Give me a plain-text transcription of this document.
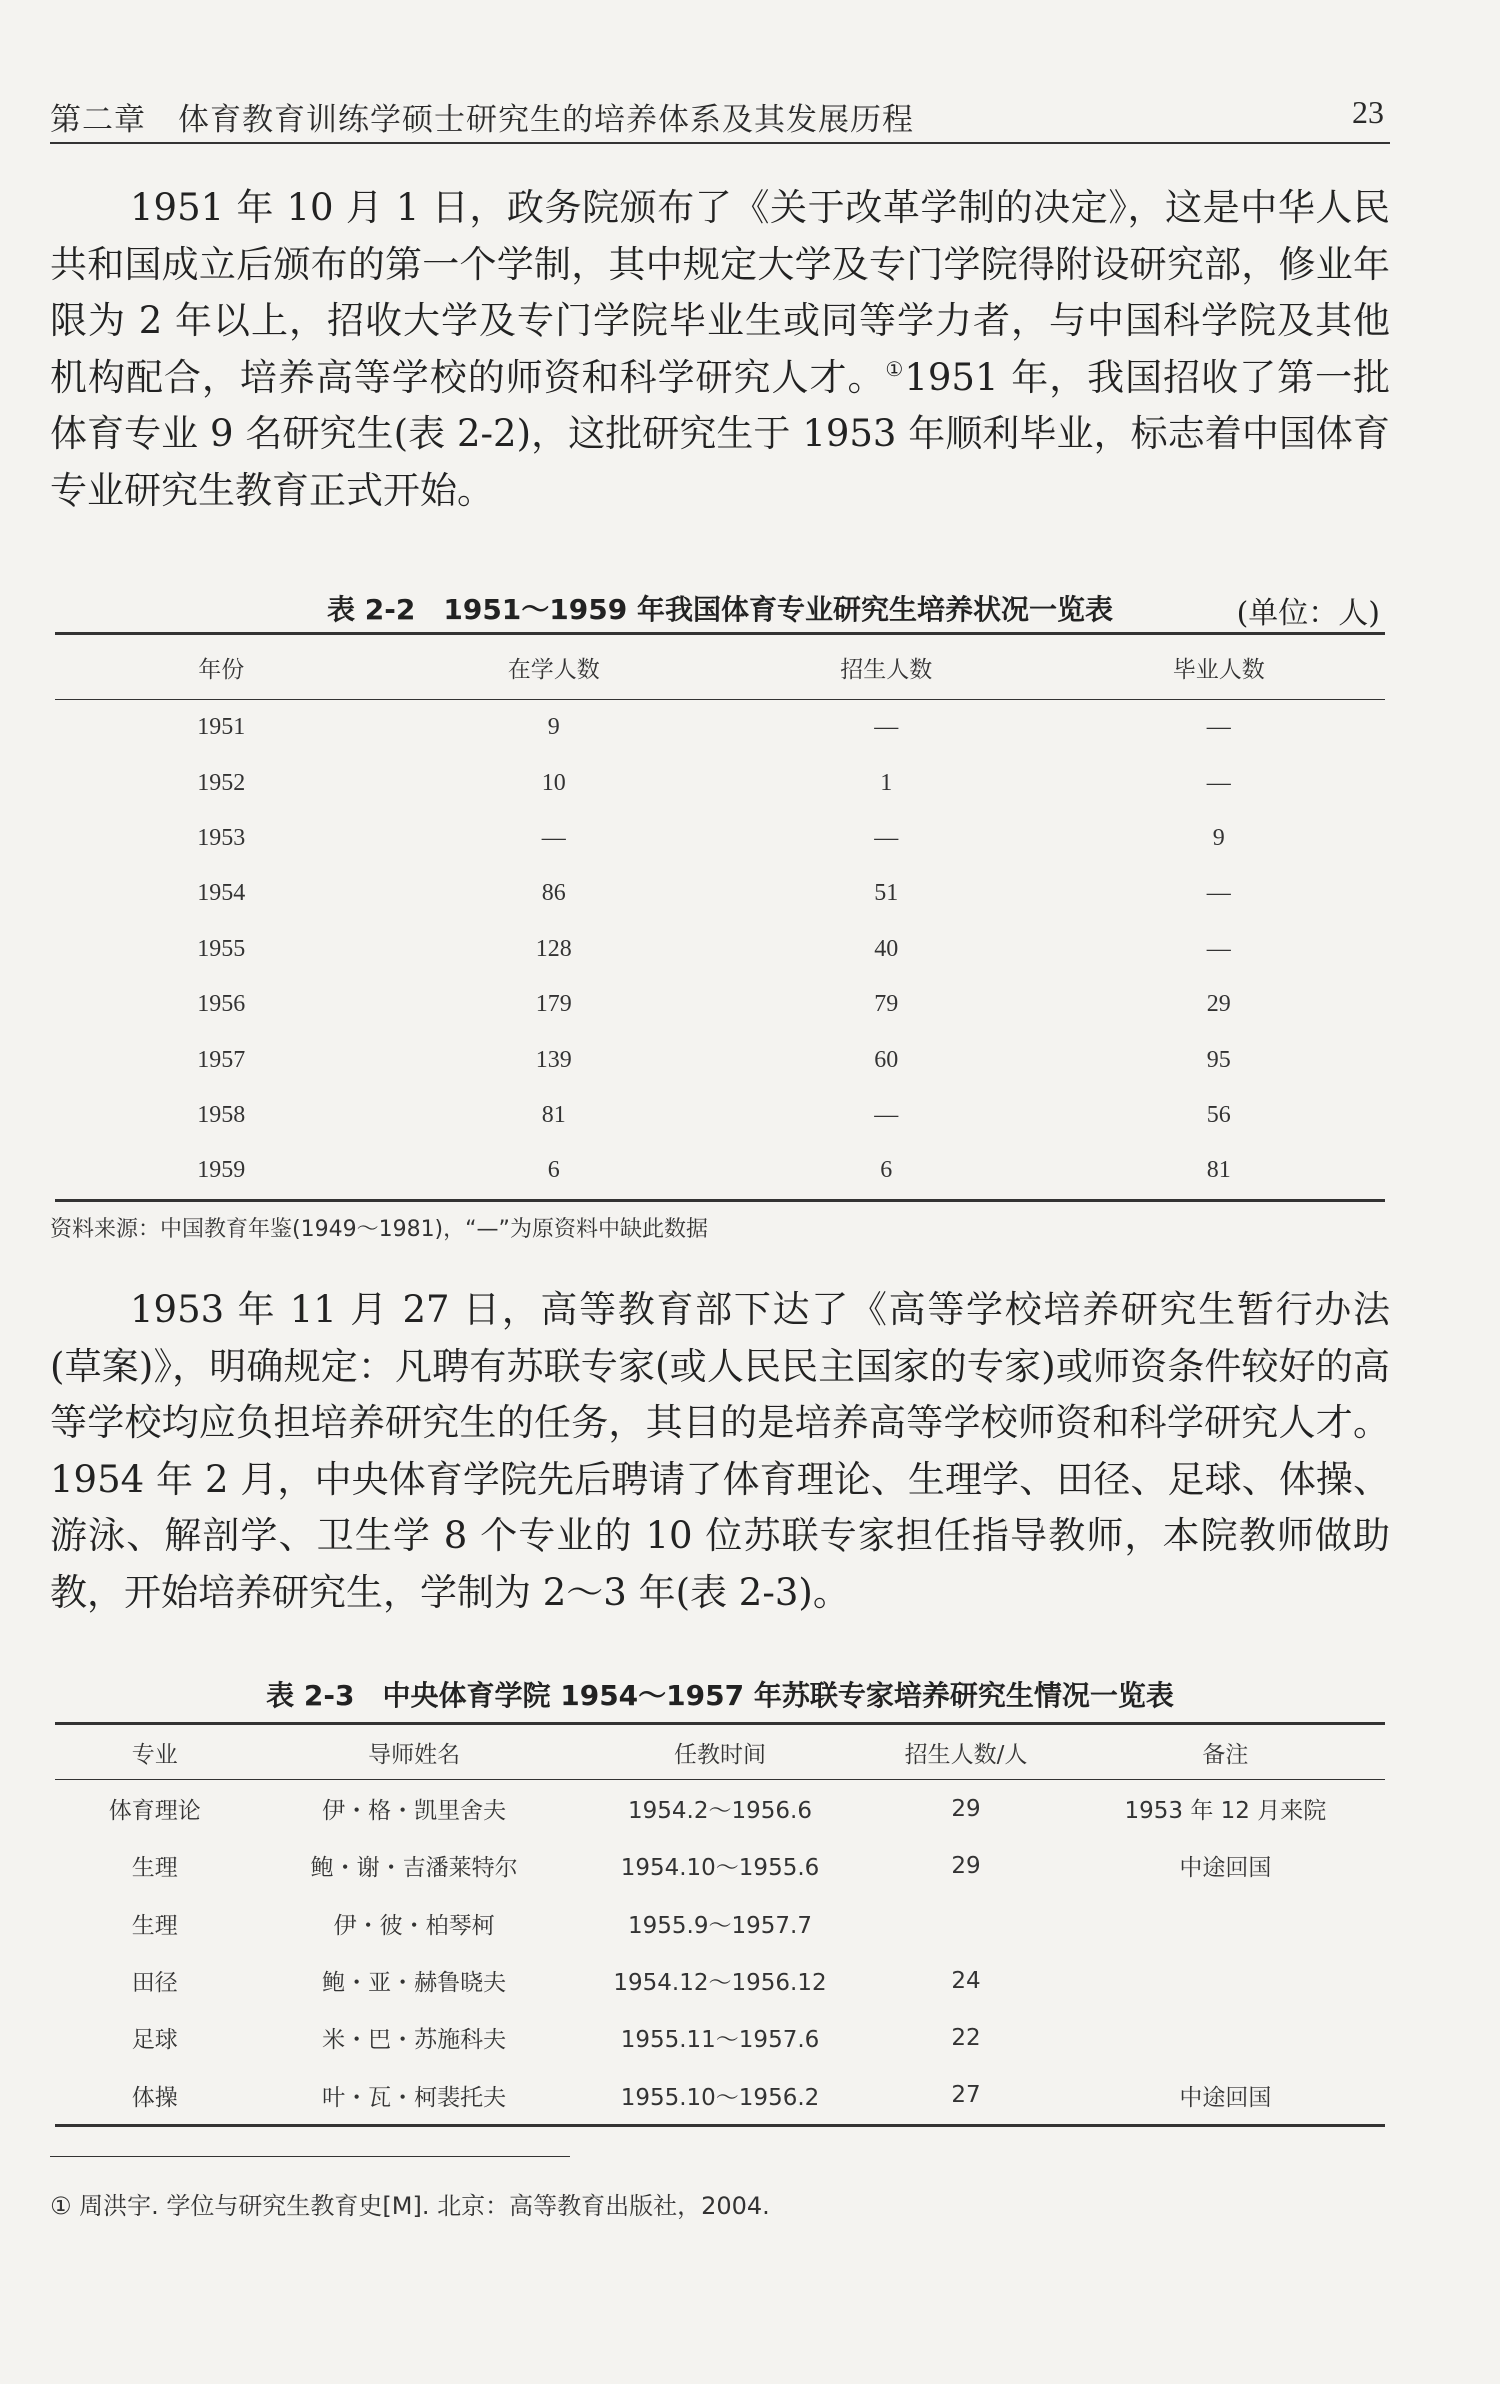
第二章　体育教育训练学硕士研究生的培养体系及其发展历程	23

1951 年 10 月 1 日，政务院颁布了《关于改革学制的决定》，这是中华人民共和国成立后颁布的第一个学制，其中规定大学及专门学院得附设研究部，修业年限为 2 年以上，招收大学及专门学院毕业生或同等学力者，与中国科学院及其他机构配合，培养高等学校的师资和科学研究人才。①1951 年，我国招收了第一批体育专业 9 名研究生(表 2-2)，这批研究生于 1953 年顺利毕业，标志着中国体育专业研究生教育正式开始。

表 2-2　1951～1959 年我国体育专业研究生培养状况一览表	(单位：人)
年份	在学人数	招生人数	毕业人数
1951	9	—	—
1952	10	1	—
1953	—	—	9
1954	86	51	—
1955	128	40	—
1956	179	79	29
1957	139	60	95
1958	81	—	56
1959	6	6	81
资料来源：中国教育年鉴(1949～1981)，“—”为原资料中缺此数据

1953 年 11 月 27 日，高等教育部下达了《高等学校培养研究生暂行办法(草案)》，明确规定：凡聘有苏联专家(或人民民主国家的专家)或师资条件较好的高等学校均应负担培养研究生的任务，其目的是培养高等学校师资和科学研究人才。1954 年 2 月，中央体育学院先后聘请了体育理论、生理学、田径、足球、体操、游泳、解剖学、卫生学 8 个专业的 10 位苏联专家担任指导教师，本院教师做助教，开始培养研究生，学制为 2～3 年(表 2-3)。

表 2-3　中央体育学院 1954～1957 年苏联专家培养研究生情况一览表
专业	导师姓名	任教时间	招生人数/人	备注
体育理论	伊・格・凯里舍夫	1954.2～1956.6	29	1953 年 12 月来院
生理	鲍・谢・吉潘莱特尔	1954.10～1955.6	29	中途回国
生理	伊・彼・柏琴柯	1955.9～1957.7		
田径	鲍・亚・赫鲁晓夫	1954.12～1956.12	24	
足球	米・巴・苏施科夫	1955.11～1957.6	22	
体操	叶・瓦・柯裴托夫	1955.10～1956.2	27	中途回国
① 周洪宇. 学位与研究生教育史[M]. 北京：高等教育出版社，2004.
